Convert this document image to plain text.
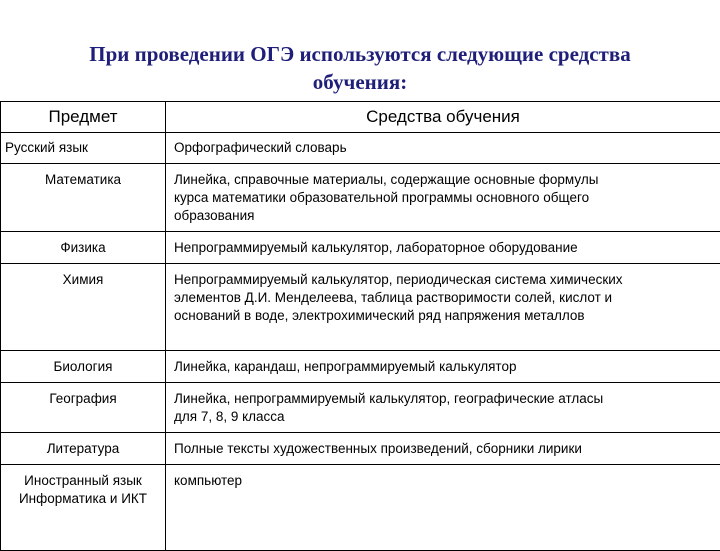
При проведении ОГЭ используются следующие средства
обучения:
Предмет	Средства обучения
Русский язык	Орфографический словарь

Математика	Линейка, справочные материалы, содержащие основные формулы
курса математики образовательной программы основного общего
образования

Физика	Непрограммируемый калькулятор, лабораторное оборудование

Химия	Непрограммируемый калькулятор, периодическая система химических
элементов Д.И. Менделеева, таблица растворимости солей, кислот и
оснований в воде, электрохимический ряд напряжения металлов

Биология	Линейка, карандаш, непрограммируемый калькулятор

География	Линейка, непрограммируемый калькулятор, географические атласы
для 7, 8, 9 класса

Литература	Полные тексты художественных произведений, сборники лирики

Иностранный язык
Информатика и ИКТ	компьютер
